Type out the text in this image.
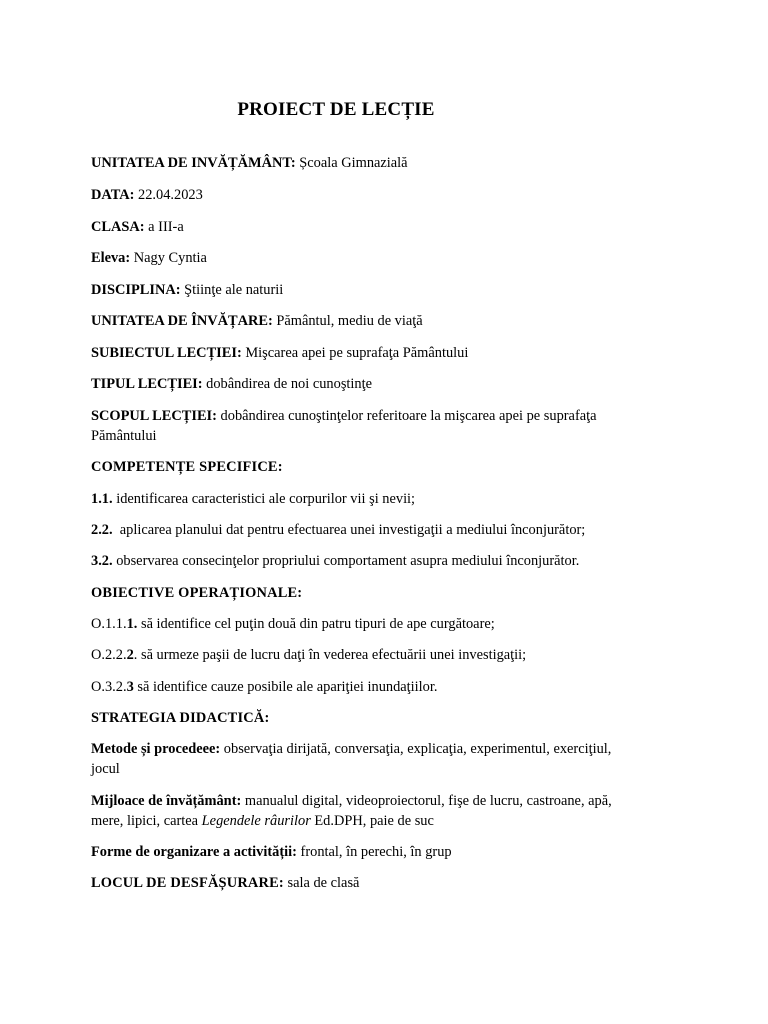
PROIECT DE LECȚIE

UNITATEA DE INVĂȚĂMÂNT: Școala Gimnazială

DATA: 22.04.2023

CLASA: a III-a

Eleva: Nagy Cyntia

DISCIPLINA: Ştiinţe ale naturii

UNITATEA DE ÎNVĂȚARE: Pământul, mediu de viaţă

SUBIECTUL LECȚIEI: Mişcarea apei pe suprafaţa Pământului

TIPUL LECȚIEI: dobândirea de noi cunoştinţe

SCOPUL LECȚIEI: dobândirea cunoştinţelor referitoare la mişcarea apei pe suprafaţa

Pământului

COMPETENȚE SPECIFICE:

1.1. identificarea caracteristici ale corpurilor vii şi nevii;

2.2.  aplicarea planului dat pentru efectuarea unei investigaţii a mediului înconjurător;

3.2. observarea consecinţelor propriului comportament asupra mediului înconjurător.

OBIECTIVE OPERAȚIONALE:

O.1.1.1. să identifice cel puţin două din patru tipuri de ape curgătoare;

O.2.2.2. să urmeze paşii de lucru daţi în vederea efectuării unei investigaţii;

O.3.2.3 să identifice cauze posibile ale apariţiei inundaţiilor.

STRATEGIA DIDACTICĂ:

Metode și procedeee: observaţia dirijată, conversaţia, explicaţia, experimentul, exerciţiul,

jocul

Mijloace de învățământ: manualul digital, videoproiectorul, fişe de lucru, castroane, apă,

mere, lipici, cartea Legendele râurilor Ed.DPH, paie de suc

Forme de organizare a activității: frontal, în perechi, în grup

LOCUL DE DESFĂȘURARE: sala de clasă
